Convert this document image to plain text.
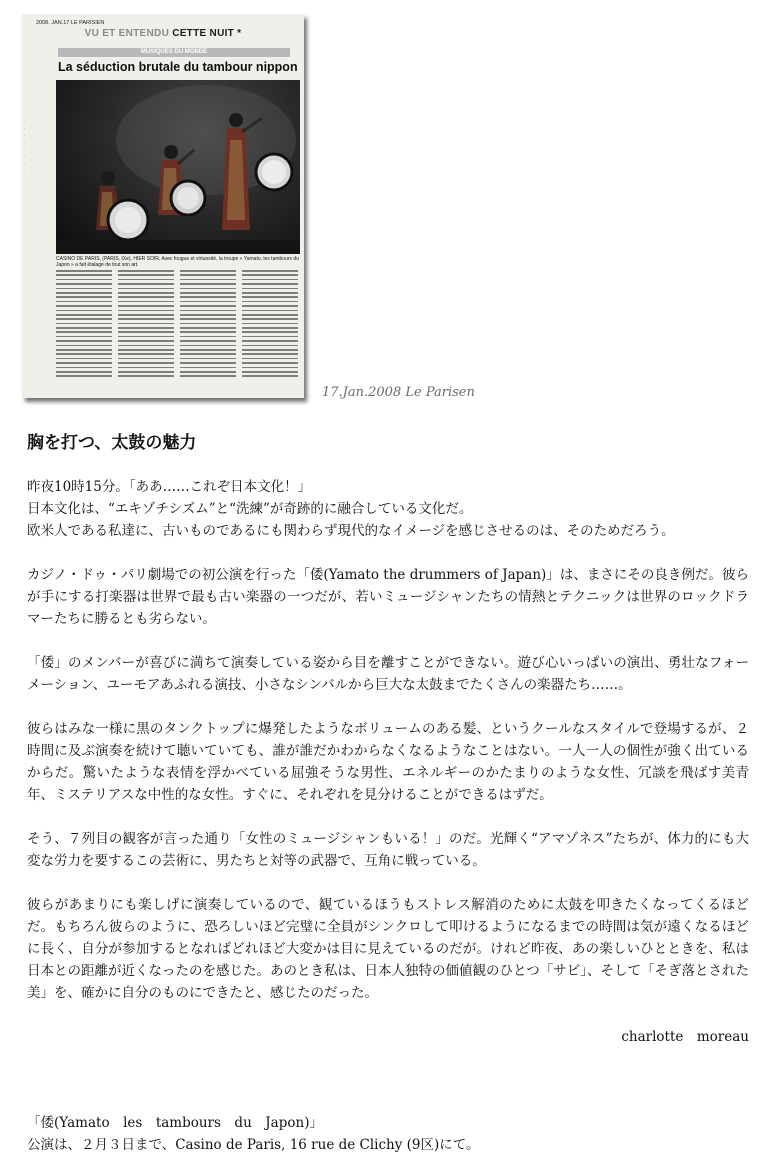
2008. JAN.17 LE PARISIEN
VU ET ENTENDU CETTE NUIT *
MUSIQUES DU MONDE
La séduction brutale du tambour nippon
·
·
·
·
·
·
·
·
CASINO DE PARIS, (PARIS, IXe), HIER SOIR. Avec fougue et virtuosité, la troupe « Yamato, les tambours du Japon » a fait étalage de tout son art.
17.Jan.2008 Le Parisen
胸を打つ、太鼓の魅力

昨夜10時15分。「ああ……これぞ日本文化！」
日本文化は、“エキゾチシズム”と“洗練”が奇跡的に融合している文化だ。
欧米人である私達に、古いものであるにも関わらず現代的なイメージを感じさせるのは、そのためだろう。

カジノ・ドゥ・パリ劇場での初公演を行った「倭(Yamato the drummers of Japan)」は、まさにその良き例だ。彼らが手にする打楽器は世界で最も古い楽器の一つだが、若いミュージシャンたちの情熱とテクニックは世界のロックドラマーたちに勝るとも劣らない。

「倭」のメンバーが喜びに満ちて演奏している姿から目を離すことができない。遊び心いっぱいの演出、勇壮なフォーメーション、ユーモアあふれる演技、小さなシンバルから巨大な太鼓までたくさんの楽器たち……。

彼らはみな一様に黒のタンクトップに爆発したようなボリュームのある髪、というクールなスタイルで登場するが、２時間に及ぶ演奏を続けて聴いていても、誰が誰だかわからなくなるようなことはない。一人一人の個性が強く出ているからだ。驚いたような表情を浮かべている屈強そうな男性、エネルギーのかたまりのような女性、冗談を飛ばす美青年、ミステリアスな中性的な女性。すぐに、それぞれを見分けることができるはずだ。

そう、７列目の観客が言った通り「女性のミュージシャンもいる！」のだ。光輝く“アマゾネス”たちが、体力的にも大変な労力を要するこの芸術に、男たちと対等の武器で、互角に戦っている。

彼らがあまりにも楽しげに演奏しているので、観ているほうもストレス解消のために太鼓を叩きたくなってくるほどだ。もちろん彼らのように、恐ろしいほど完璧に全員がシンクロして叩けるようになるまでの時間は気が遠くなるほどに長く、自分が参加するとなればどれほど大変かは目に見えているのだが。けれど昨夜、あの楽しいひとときを、私は日本との距離が近くなったのを感じた。あのとき私は、日本人独特の価値観のひとつ「サビ」、そして「そぎ落とされた美」を、確かに自分のものにできたと、感じたのだった。

charlotte　moreau

「倭(Yamato　les　tambours　du　Japon)」
公演は、２月３日まで、Casino de Paris, 16 rue de Clichy (9区)にて。
